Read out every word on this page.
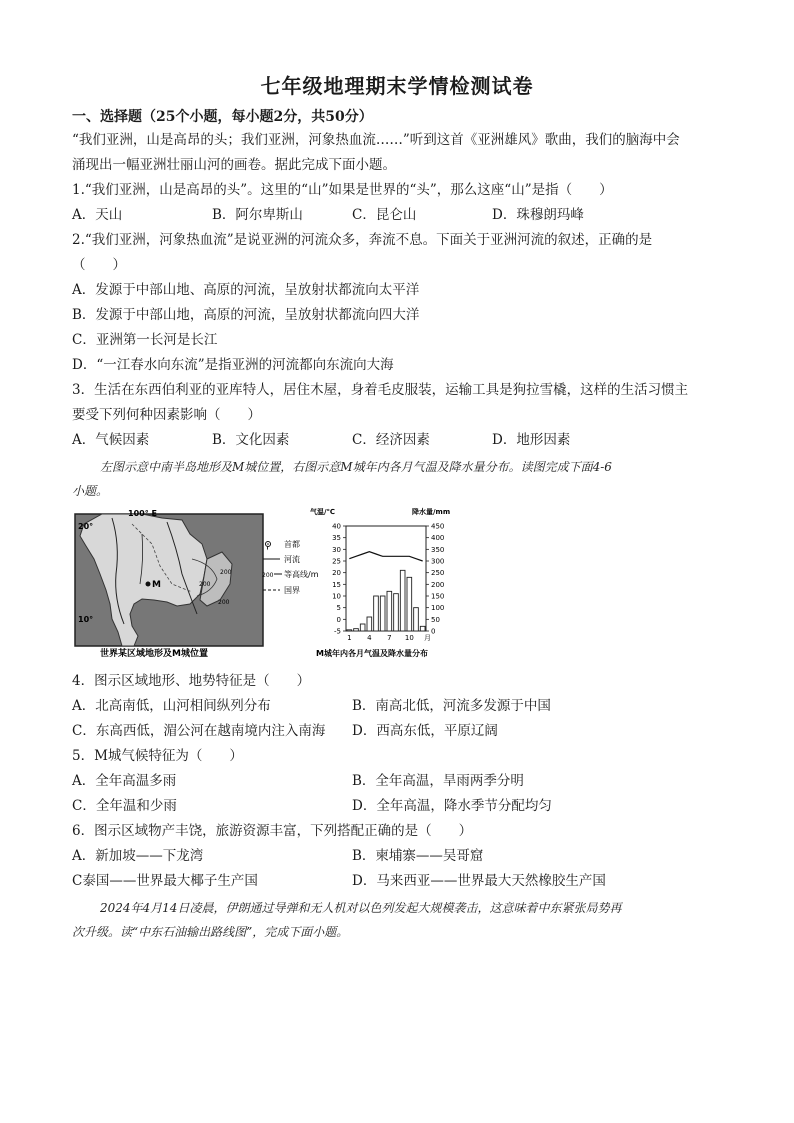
七年级地理期末学情检测试卷
一、选择题（25个小题，每小题2分，共50分）
“我们亚洲，山是高昂的头；我们亚洲，河象热血流……”听到这首《亚洲雄风》歌曲，我们的脑海中会
涌现出一幅亚洲壮丽山河的画卷。据此完成下面小题。
1.“我们亚洲，山是高昂的头”。这里的“山”如果是世界的“头”，那么这座“山”是指（　　）
A．天山	B．阿尔卑斯山	C．昆仑山	D．珠穆朗玛峰
2.“我们亚洲，河象热血流”是说亚洲的河流众多，奔流不息。下面关于亚洲河流的叙述，正确的是
（　　）
A．发源于中部山地、高原的河流，呈放射状都流向太平洋
B．发源于中部山地，高原的河流，呈放射状都流向四大洋
C．亚洲第一长河是长江
D．“一江春水向东流”是指亚洲的河流都向东流向大海
3．生活在东西伯利亚的亚库特人，居住木屋，身着毛皮服装，运输工具是狗拉雪橇，这样的生活习惯主
要受下列何种因素影响（　　）
A．气候因素	B．文化因素	C．经济因素	D．地形因素
左图示意中南半岛地形及M城位置，右图示意M城年内各月气温及降水量分布。读图完成下面4-6
小题。
M
100° E
20°
10°
200
200
200
世界某区域地形及M城位置
首都
河流
200 等高线/m
国界
气温/℃	降水量/mm
M城年内各月气温及降水量分布
40
35
30
25
20
15
10
5
0
-5
450
400
350
300
250
200
150
100
50
0
1 4 7 10 月
4．图示区域地形、地势特征是（　　）
A．北高南低，山河相间纵列分布	B．南高北低，河流多发源于中国
C．东高西低，湄公河在越南境内注入南海 D．西高东低，平原辽阔
5．M城气候特征为（　　）
A．全年高温多雨	B．全年高温，旱雨两季分明
C．全年温和少雨	D．全年高温，降水季节分配均匀
6．图示区域物产丰饶，旅游资源丰富，下列搭配正确的是（　　）
A．新加坡——下龙湾	B．柬埔寨——吴哥窟
C泰国——世界最大椰子生产国	D．马来西亚——世界最大天然橡胶生产国
2024年4月14日凌晨，伊朗通过导弹和无人机对以色列发起大规模袭击，这意味着中东紧张局势再
次升级。读“中东石油输出路线图”，完成下面小题。
